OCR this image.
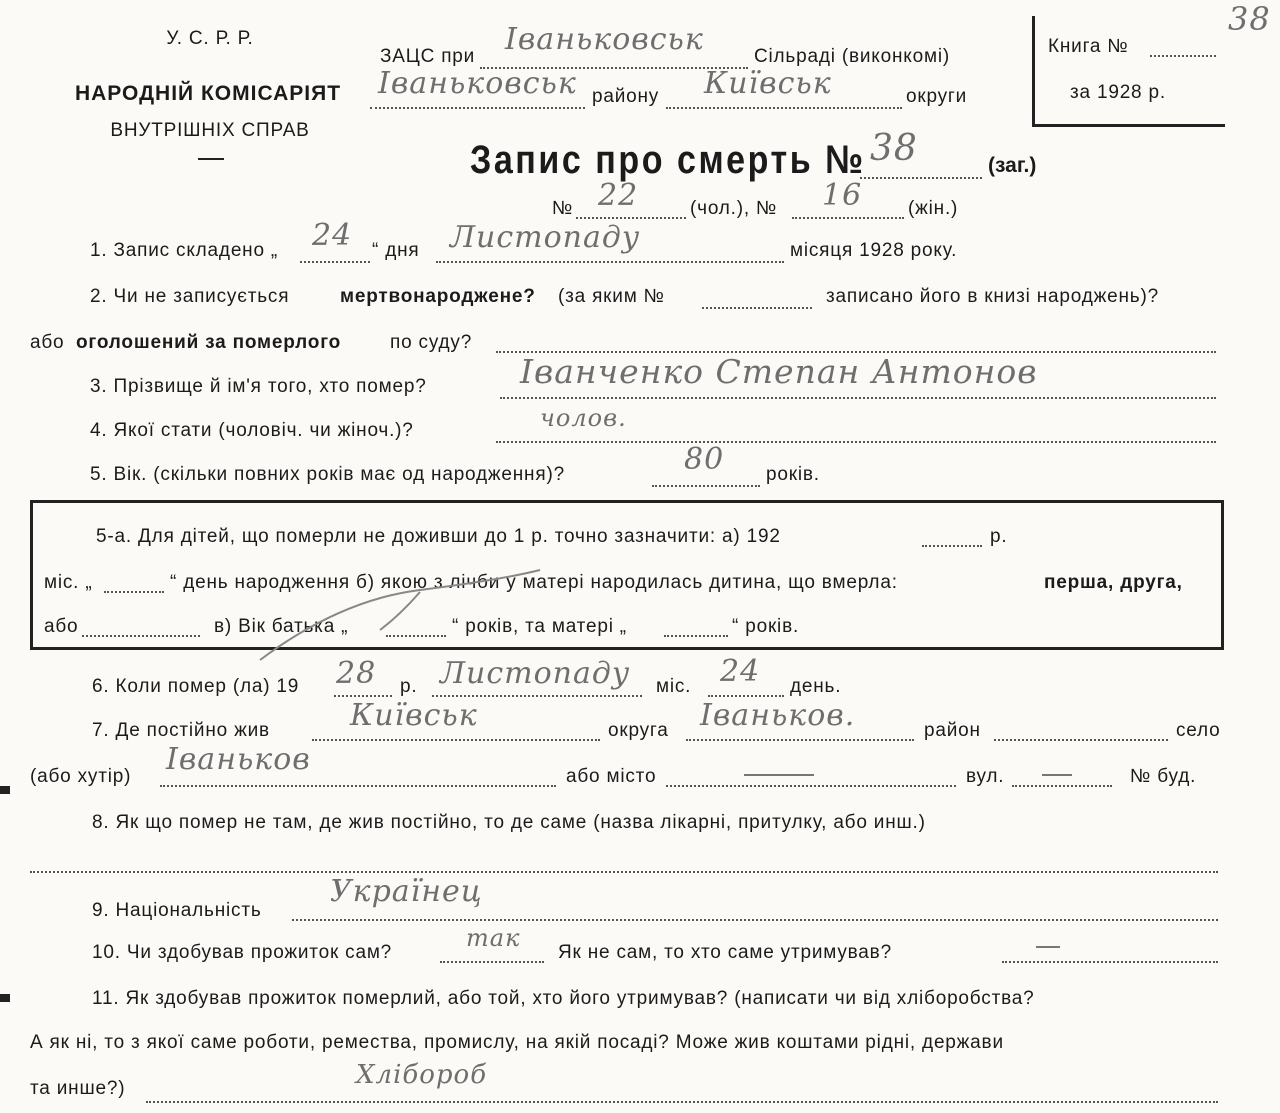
У. С. Р. Р.
НАРОДНІЙ КОМІСАРІЯТ
ВНУТРІШНІХ СПРАВ
ЗАЦС при Іваньковськ	Сільраді (виконкомі)
Іваньковськ району Київськ	округи
Книга №
за 1928 р.
38
Запис про смерть № 38	(заг.)
№ 22	(чол.), № 16 (жін.)
1. Запис складено „ 24 “ дня Листопаду	місяця 1928 року.
2. Чи не записується	мертвонароджене? (за яким №	записано його в книзі народжень)?
або оголошений за померлого	по суду?
3. Прізвище й ім'я того, хто помер?	Іванченко Степан Антонов
4. Якої стати (чоловіч. чи жіноч.)?	чолов.
5. Вік. (скільки повних років має од народження)?	80 років.
5-а. Для дітей, що померли не доживши до 1 р. точно зазначити: а) 192	р.
міс. „	“ день народження б) якою з лічби у матері народилась дитина, що вмерла:	перша, друга,
або	в) Вік батька „	“ років, та матері „	“ років.
6. Коли помер (ла) 19 28 р. Листопаду міс. 24 день.
7. Де постійно жив	Київськ	округа Іваньков.	район	село
(або хутір) Іваньков	або місто	вул.	№ буд.
8. Як що помер не там, де жив постійно, то де саме (назва лікарні, притулку, або инш.)
9. Національність
Українец
10. Чи здобував прожиток сам?
так
Як не сам, то хто саме утримував?
11. Як здобував прожиток померлий, або той, хто його утримував? (написати чи від хліборобства?
А як ні, то з якої саме роботи, ремества, промислу, на якій посаді? Може жив коштами рідні, держави
та инше?)	Хлібороб
